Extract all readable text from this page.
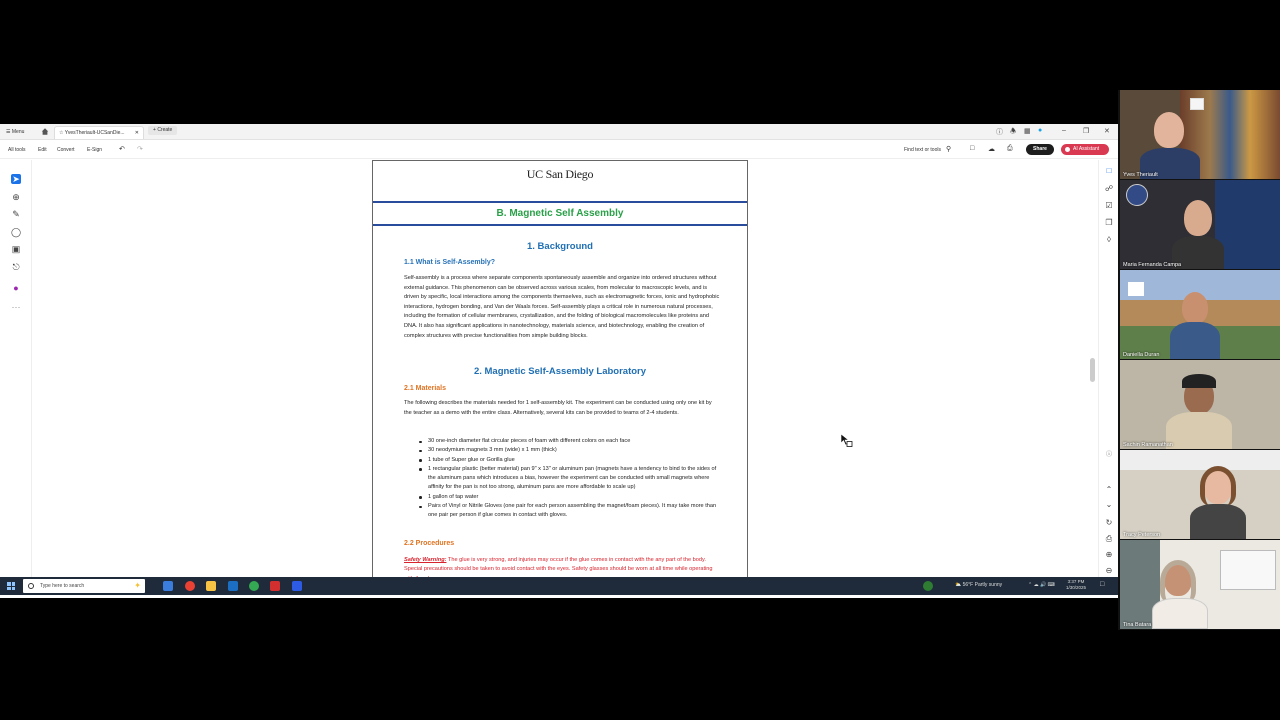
☰ Menu	☆ YvesTheriault-UCSanDie... ✕	+ Create	ⓘ 🕭 ▦ ●	– ❐ ✕
All tools Edit Convert E-Sign ↶ ↷	Find text or tools ⚲	□ ☁ ⎙	Share	AI Assistant
➤
⊕
✎
◯
▣
⎋
●
⋯
□
☍
☑
❐
◊
ⓘ
⌃
⌄
↻
⎙
⊕
⊖
UC San Diego
B. Magnetic Self Assembly
1. Background
1.1 What is Self-Assembly?
Self-assembly is a process where separate components spontaneously assemble and organize into ordered structures without external guidance. This phenomenon can be observed across various scales, from molecular to macroscopic levels, and is driven by specific, local interactions among the components themselves, such as electromagnetic forces, ionic and hydrophobic interactions, hydrogen bonding, and Van der Waals forces. Self-assembly plays a critical role in numerous natural processes, including the formation of cellular membranes, crystallization, and the folding of biological macromolecules like proteins and DNA. It also has significant applications in nanotechnology, materials science, and biotechnology, enabling the creation of complex structures with precise functionalities from simple building blocks.
2. Magnetic Self-Assembly Laboratory
2.1 Materials
The following describes the materials needed for 1 self-assembly kit. The experiment can be conducted using only one kit by the teacher as a demo with the entire class. Alternatively, several kits can be provided to teams of 2-4 students.
30 one-inch diameter flat circular pieces of foam with different colors on each face
30 neodymium magnets 3 mm (wide) x 1 mm (thick)
1 tube of Super glue or Gorilla glue
1 rectangular plastic (better material) pan 9" x 13" or aluminum pan (magnets have a tendency to bind to the sides of the aluminum pans which introduces a bias, however the experiment can be conducted with small magnets where affinity for the pan is not too strong, aluminum pans are more affordable to scale up)
1 gallon of tap water
Pairs of Vinyl or Nitrile Gloves (one pair for each person assembling the magnet/foam pieces). It may take more than one pair per person if glue comes in contact with gloves.
2.2 Procedures
Safety Warning: The glue is very strong, and injuries may occur if the glue comes in contact with the any part of the body. Special precautions should be taken to avoid contact with the eyes. Safety glasses should be worn at all time while operating
Type here to search	✦	⛅ 56°F Partly sunny	⌃ ☁ 🔊 ⌨
3:37 PM
1/30/2025 □
Yves Theriault
Maria Fernanda Campa
Daniella Duran
Sachin Ramanathan
Tracy Peterson
Tina Batara
